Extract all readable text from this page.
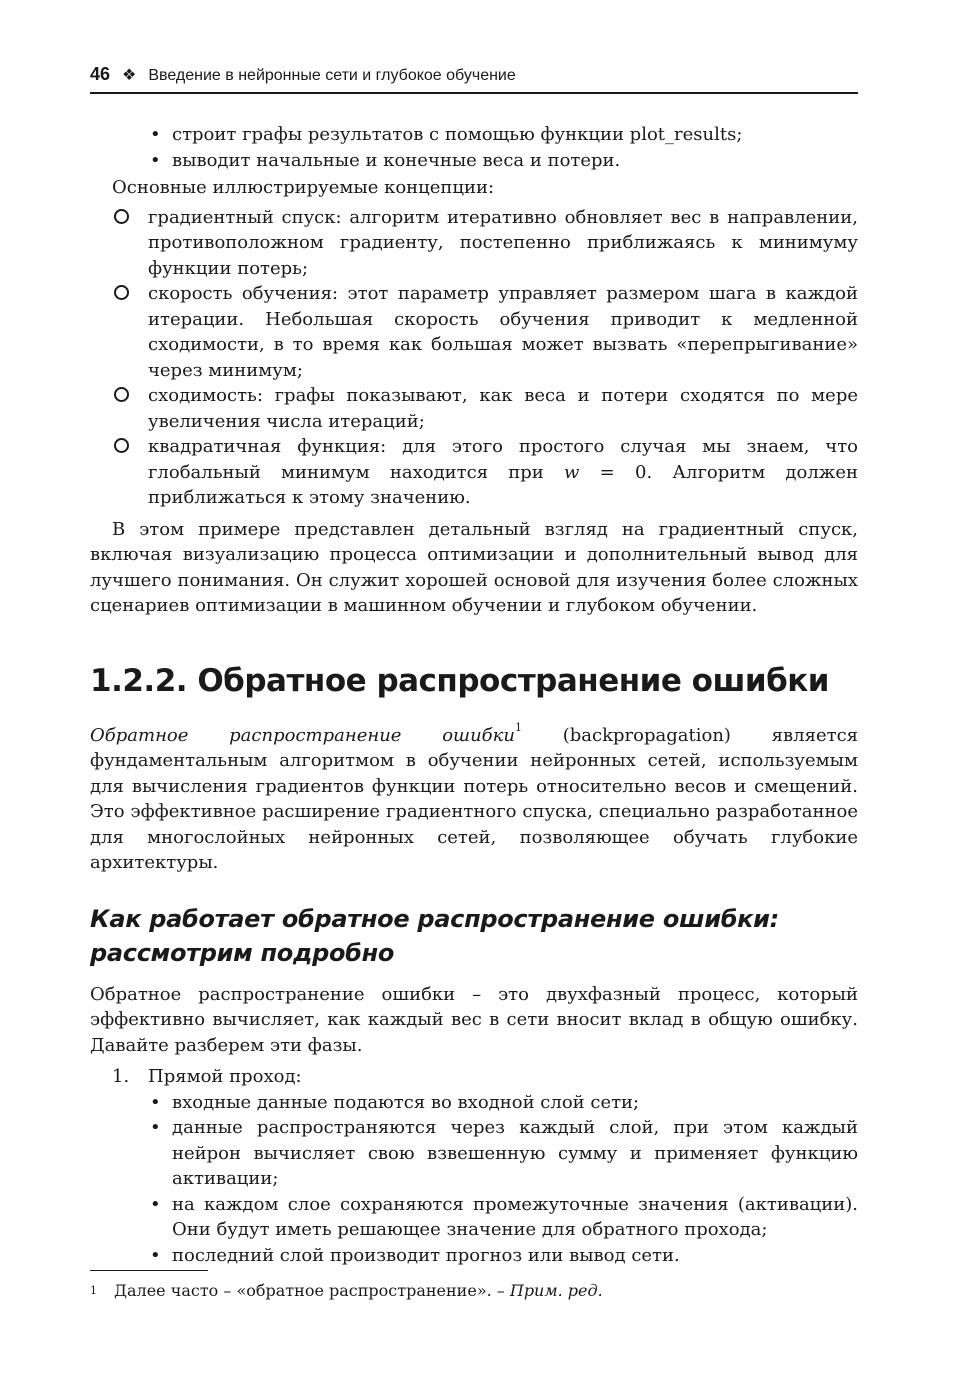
46 ❖ Введение в нейронные сети и глубокое обучение
• строит графы результатов с помощью функции plot_results;
• выводит начальные и конечные веса и потери.

Основные иллюстрируемые концепции:

градиентный спуск: алгоритм итеративно обновляет вес в направлении, противоположном градиенту, постепенно приближаясь к минимуму функции потерь;
скорость обучения: этот параметр управляет размером шага в каждой итерации. Небольшая скорость обучения приводит к медленной сходимости, в то время как большая может вызвать «перепрыгивание» через минимум;
сходимость: графы показывают, как веса и потери сходятся по мере увеличения числа итераций;
квадратичная функция: для этого простого случая мы знаем, что глобальный минимум находится при w = 0. Алгоритм должен приближаться к этому значению.

В этом примере представлен детальный взгляд на градиентный спуск, включая визуализацию процесса оптимизации и дополнительный вывод для лучшего понимания. Он служит хорошей основой для изучения более сложных сценариев оптимизации в машинном обучении и глубоком обучении.

1.2.2. Обратное распространение ошибки

Обратное распространение ошибки$^1$ (backpropagation) является фундаментальным алгоритмом в обучении нейронных сетей, используемым для вычисления градиентов функции потерь относительно весов и смещений. Это эффективное расширение градиентного спуска, специально разработанное для многослойных нейронных сетей, позволяющее обучать глубокие архитектуры.

Как работает обратное распространение ошибки:
рассмотрим подробно

Обратное распространение ошибки – это двухфазный процесс, который эффективно вычисляет, как каждый вес в сети вносит вклад в общую ошибку. Давайте разберем эти фазы.

1. Прямой проход:
• входные данные подаются во входной слой сети;
• данные распространяются через каждый слой, при этом каждый нейрон вычисляет свою взвешенную сумму и применяет функцию активации;
• на каждом слое сохраняются промежуточные значения (активации). Они будут иметь решающее значение для обратного прохода;
• последний слой производит прогноз или вывод сети.
1	Далее часто – «обратное распространение». – Прим. ред.
